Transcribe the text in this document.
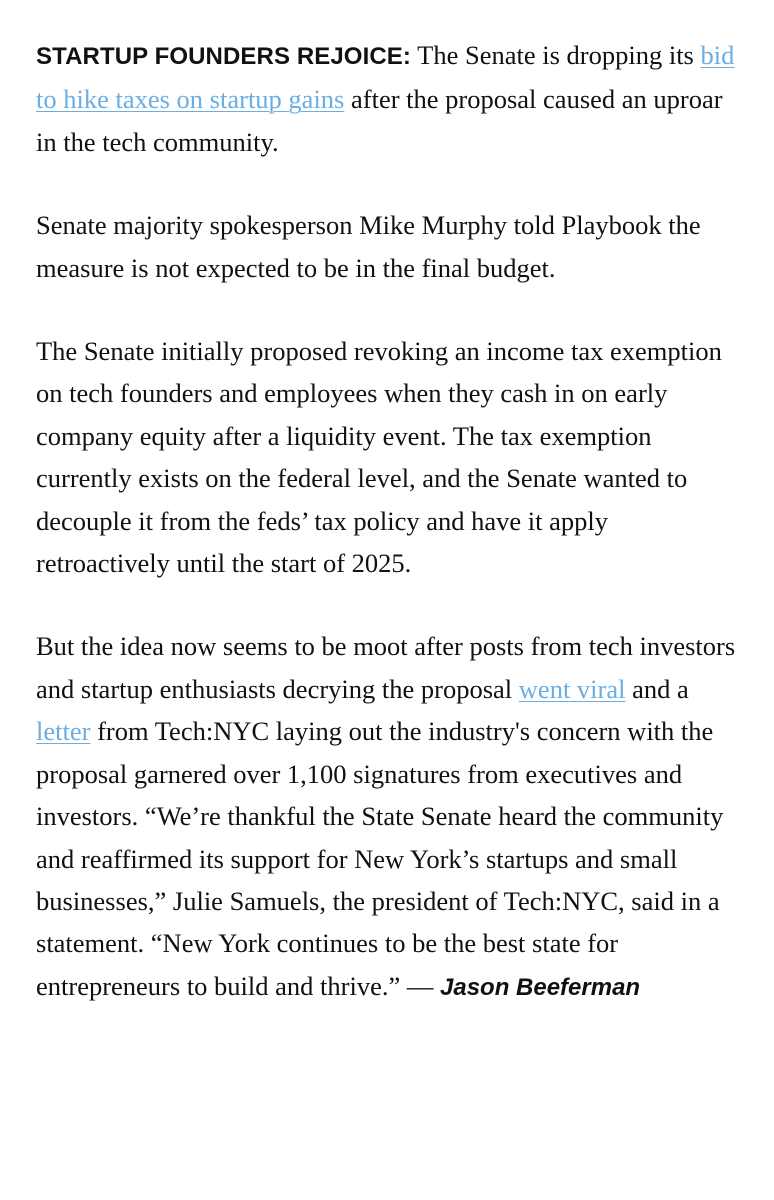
STARTUP FOUNDERS REJOICE: The Senate is dropping its bid to hike taxes on startup gains after the proposal caused an uproar in the tech community.

Senate majority spokesperson Mike Murphy told Playbook the measure is not expected to be in the final budget.

The Senate initially proposed revoking an income tax exemption on tech founders and employees when they cash in on early company equity after a liquidity event. The tax exemption currently exists on the federal level, and the Senate wanted to decouple it from the feds’ tax policy and have it apply retroactively until the start of 2025.

But the idea now seems to be moot after posts from tech investors and startup enthusiasts decrying the proposal went viral and a letter from Tech:NYC laying out the industry's concern with the proposal garnered over 1,100 signatures from executives and investors. “We’re thankful the State Senate heard the community and reaffirmed its support for New York’s startups and small businesses,” Julie Samuels, the president of Tech:NYC, said in a statement. “New York continues to be the best state for entrepreneurs to build and thrive.” — Jason Beeferman
